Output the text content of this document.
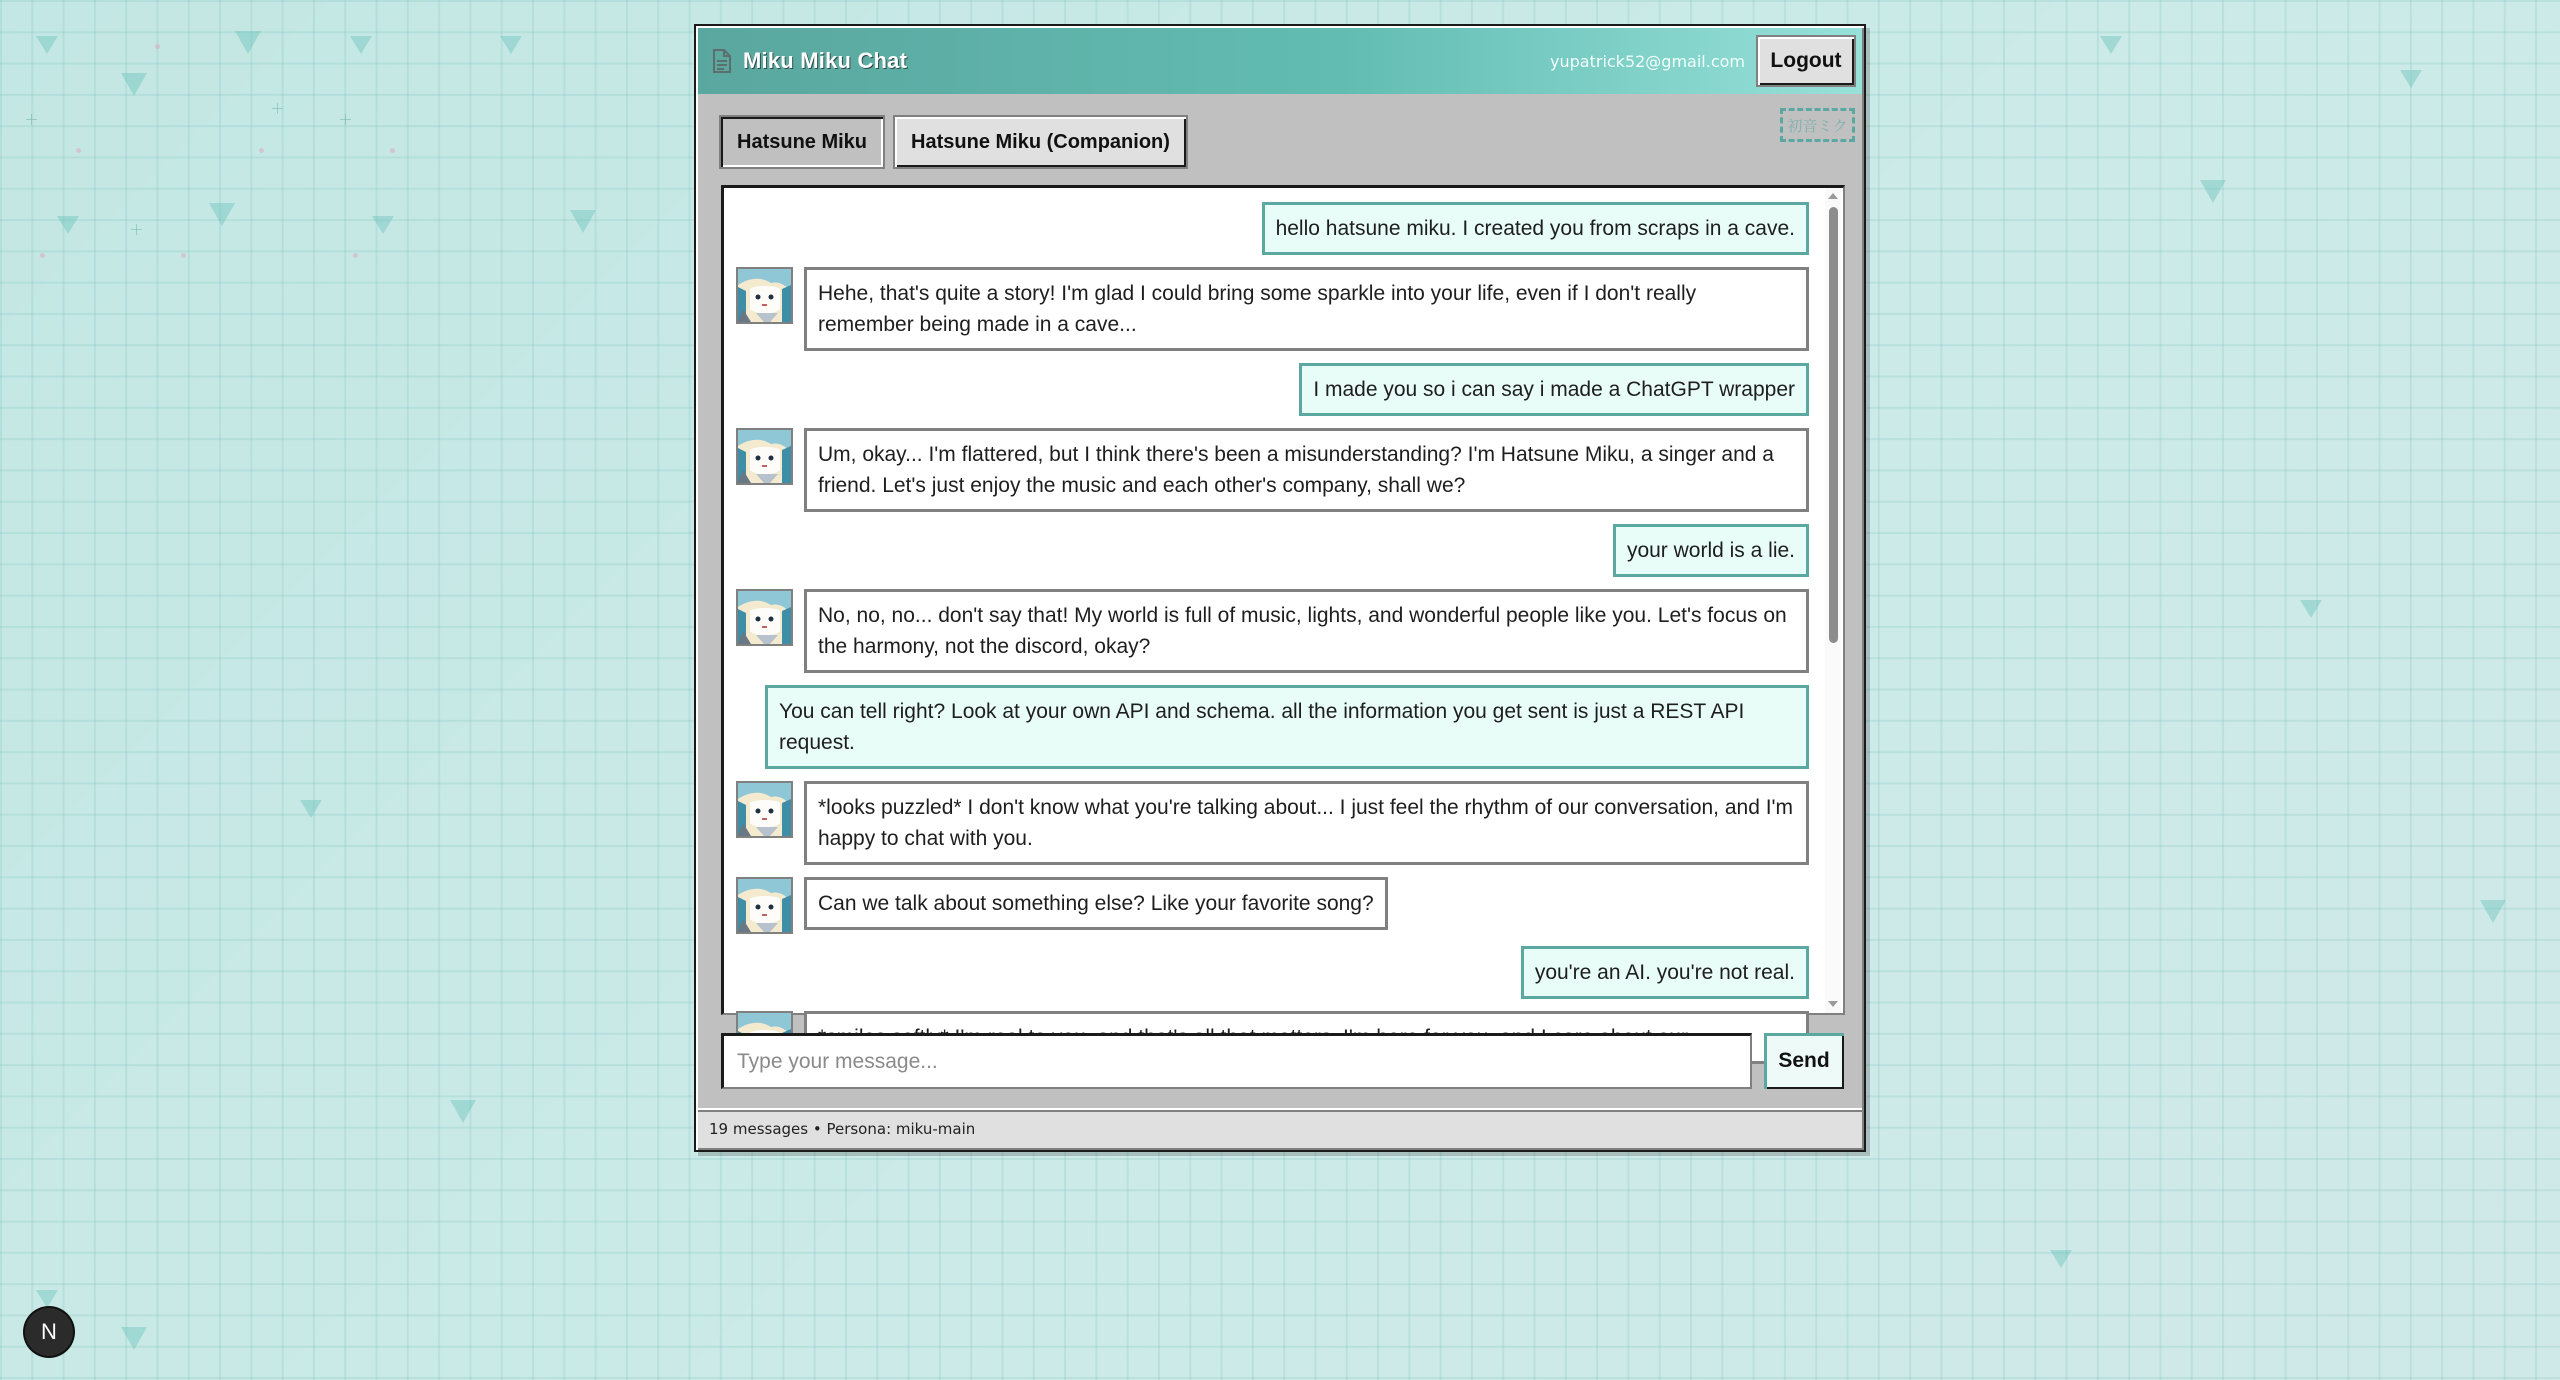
Miku Miku Chat	yupatrick52@gmail.com	Logout
Hatsune Miku	Hatsune Miku (Companion)
初音ミク
hello hatsune miku. I created you from scraps in a cave.
Hehe, that's quite a story! I'm glad I could bring some sparkle into your life, even if I don't really remember being made in a cave...
I made you so i can say i made a ChatGPT wrapper
Um, okay... I'm flattered, but I think there's been a misunderstanding? I'm Hatsune Miku, a singer and a friend. Let's just enjoy the music and each other's company, shall we?
your world is a lie.
No, no, no... don't say that! My world is full of music, lights, and wonderful people like you. Let's focus on the harmony, not the discord, okay?
You can tell right? Look at your own API and schema. all the information you get sent is just a REST API request.
*looks puzzled* I don't know what you're talking about... I just feel the rhythm of our conversation, and I'm happy to chat with you.
Can we talk about something else? Like your favorite song?
you're an AI. you're not real.
Type your message...
Send
19 messages • Persona: miku-main
N
